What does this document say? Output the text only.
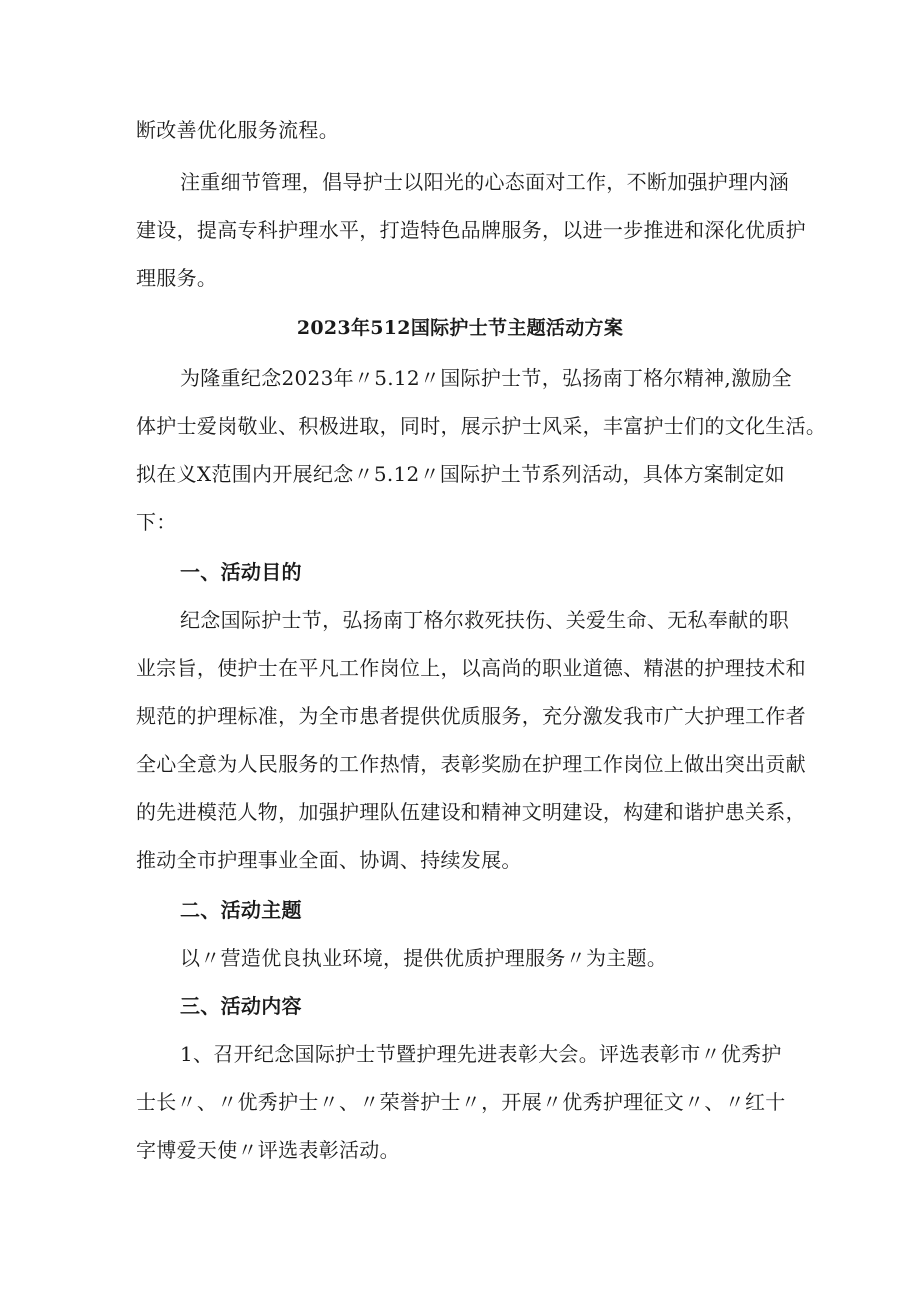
断改善优化服务流程。
注重细节管理，倡导护士以阳光的心态面对工作，不断加强护理内涵
建设，提高专科护理水平，打造特色品牌服务，以进一步推进和深化优质护
理服务。
2023年512国际护士节主题活动方案
为隆重纪念2023年〃5.12〃国际护士节，弘扬南丁格尔精神,激励全
体护士爱岗敬业、积极进取，同时，展示护士风采，丰富护士们的文化生活。
拟在义X范围内开展纪念〃5.12〃国际护土节系列活动，具体方案制定如
下：
一、活动目的
纪念国际护士节，弘扬南丁格尔救死扶伤、关爱生命、无私奉献的职
业宗旨，使护士在平凡工作岗位上，以高尚的职业道德、精湛的护理技术和
规范的护理标准，为全市患者提供优质服务，充分激发我市广大护理工作者
全心全意为人民服务的工作热情，表彰奖励在护理工作岗位上做出突出贡献
的先进模范人物，加强护理队伍建设和精神文明建设，构建和谐护患关系，
推动全市护理事业全面、协调、持续发展。
二、活动主题
以〃营造优良执业环境，提供优质护理服务〃为主题。
三、活动内容
1、召开纪念国际护士节暨护理先进表彰大会。评选表彰市〃优秀护
士长〃、〃优秀护士〃、〃荣誉护士〃，开展〃优秀护理征文〃、〃红十
字博爱天使〃评选表彰活动。
